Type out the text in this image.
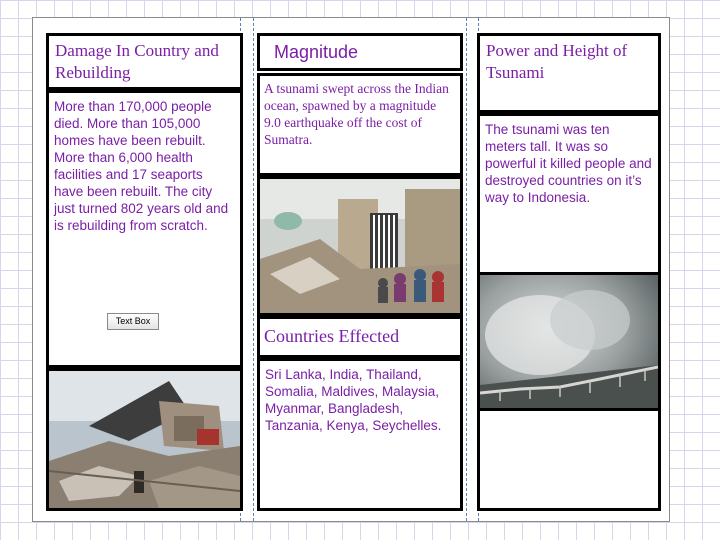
Damage In Country and Rebuilding
More than 170,000 people died. More than 105,000 homes have been rebuilt. More than 6,000 health facilities and 17 seaports have been rebuilt. The city just turned 802 years old and is rebuilding from scratch.
Text Box
Magnitude
A tsunami swept across the Indian ocean, spawned by a magnitude 9.0 earthquake off the cost of Sumatra.
Countries Effected
Sri Lanka, India, Thailand, Somalia, Maldives, Malaysia, Myanmar, Bangladesh, Tanzania, Kenya, Seychelles.
Power and Height of Tsunami
The tsunami was ten meters tall. It was so powerful it killed people and destroyed countries on it’s way to Indonesia.
